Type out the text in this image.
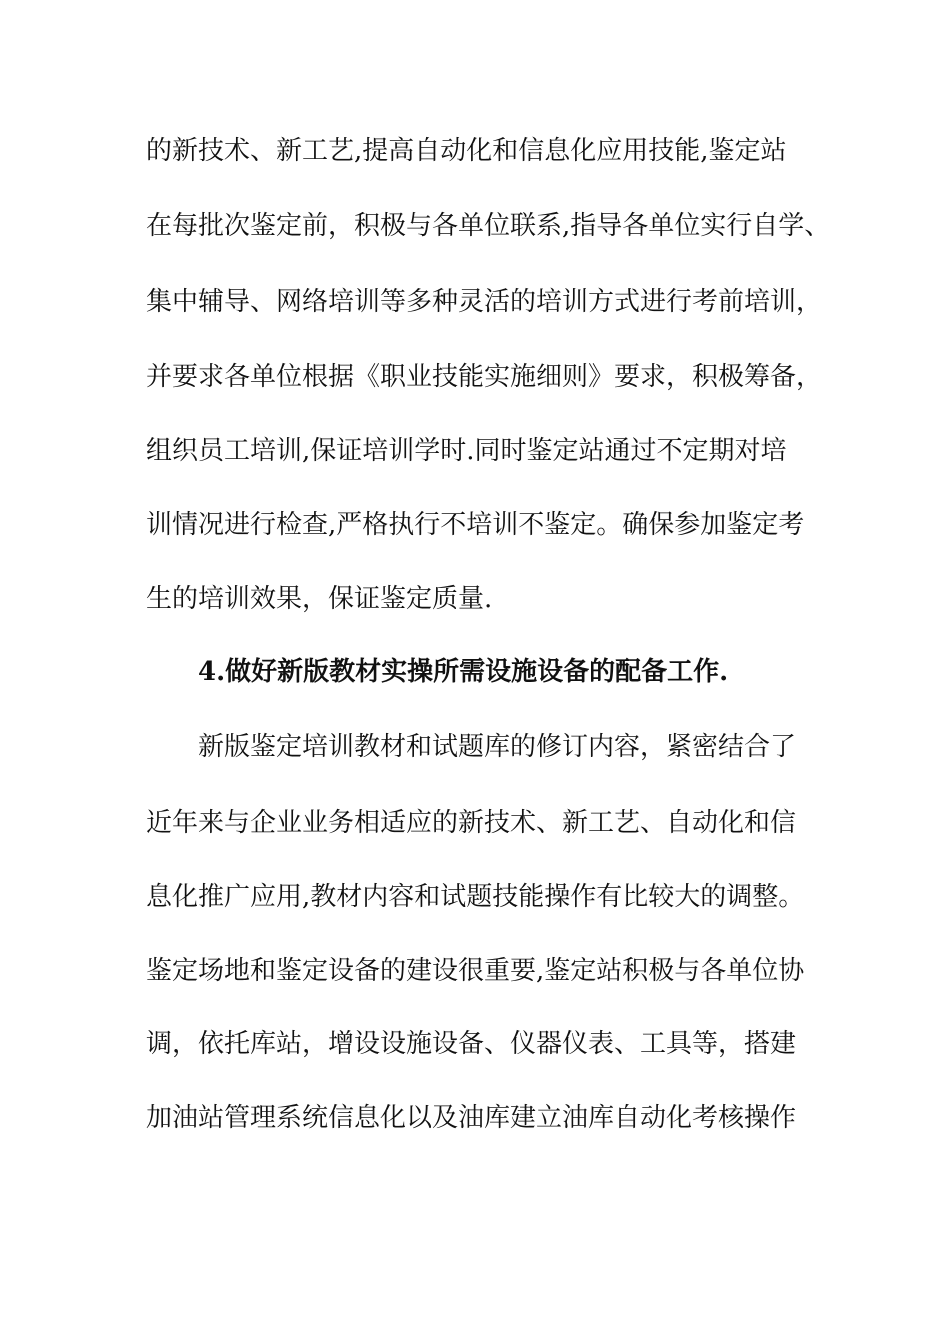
的新技术、新工艺,提高自动化和信息化应用技能,鉴定站
在每批次鉴定前，积极与各单位联系,指导各单位实行自学、
集中辅导、网络培训等多种灵活的培训方式进行考前培训，
并要求各单位根据《职业技能实施细则》要求，积极筹备，
组织员工培训,保证培训学时.同时鉴定站通过不定期对培
训情况进行检查,严格执行不培训不鉴定。确保参加鉴定考
生的培训效果，保证鉴定质量.
4.做好新版教材实操所需设施设备的配备工作.
新版鉴定培训教材和试题库的修订内容，紧密结合了
近年来与企业业务相适应的新技术、新工艺、自动化和信
息化推广应用,教材内容和试题技能操作有比较大的调整。
鉴定场地和鉴定设备的建设很重要,鉴定站积极与各单位协
调，依托库站，增设设施设备、仪器仪表、工具等，搭建
加油站管理系统信息化以及油库建立油库自动化考核操作
